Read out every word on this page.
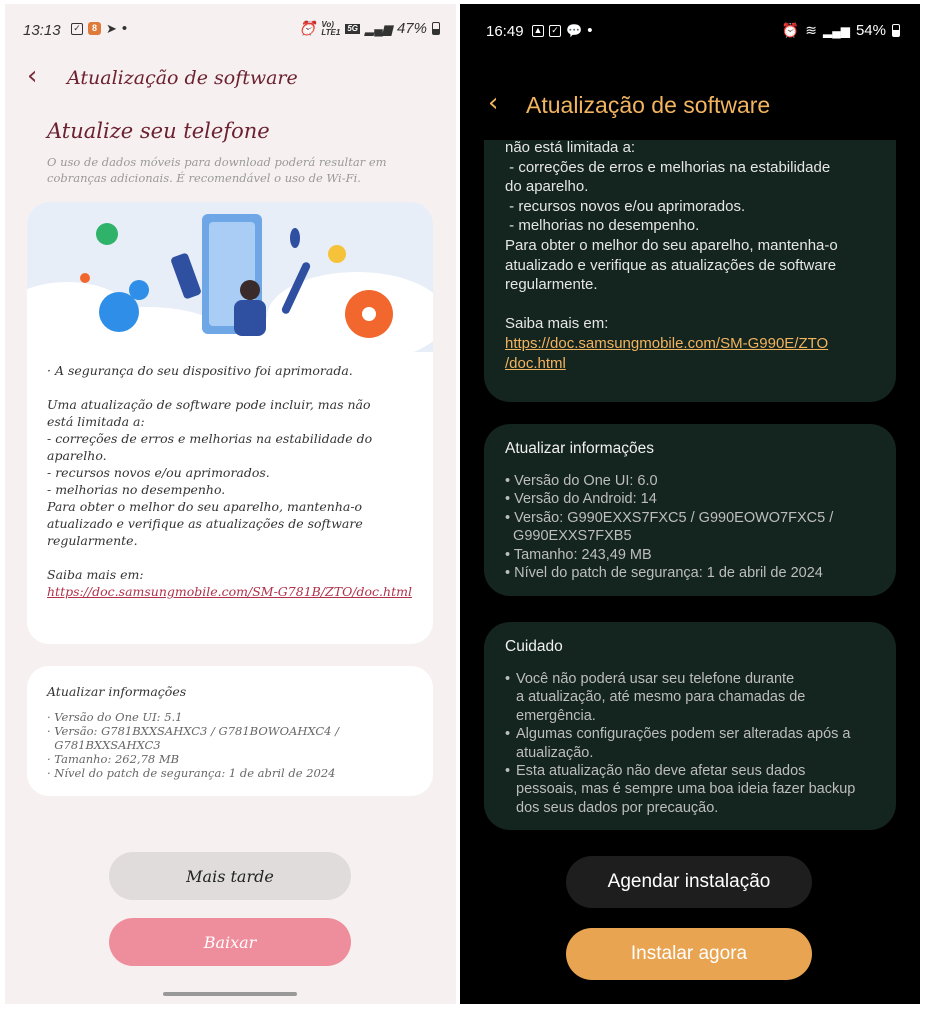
13:13 ✓	8 ➤ •	⏰ Vo)
LTE1 5G ▂▄▆ 47%
‹ Atualização de software
Atualize seu telefone
O uso de dados móveis para download poderá resultar em cobranças adicionais. É recomendável o uso de Wi-Fi.
· A segurança do seu dispositivo foi aprimorada.
Uma atualização de software pode incluir, mas não
está limitada a:
- correções de erros e melhorias na estabilidade do
aparelho.
- recursos novos e/ou aprimorados.
- melhorias no desempenho.
Para obter o melhor do seu aparelho, mantenha-o
atualizado e verifique as atualizações de software
regularmente.
Saiba mais em:
https://doc.samsungmobile.com/SM-G781B/ZTO/doc.html
Atualizar informações
· Versão do One UI: 5.1
· Versão: G781BXXSAHXC3 / G781BOWOAHXC4 /
G781BXXSAHXC3
· Tamanho: 262,78 MB
· Nível do patch de segurança: 1 de abril de 2024
Mais tarde
Baixar
16:49 ▲ ✓ 💬 •	⏰ ≋ ▂▄▆ 54%
‹ Atualização de software
não está limitada a:
- correções de erros e melhorias na estabilidade
do aparelho.
- recursos novos e/ou aprimorados.
- melhorias no desempenho.
Para obter o melhor do seu aparelho, mantenha-o
atualizado e verifique as atualizações de software
regularmente.
Saiba mais em:
https://doc.samsungmobile.com/SM-G990E/ZTO
/doc.html
Atualizar informações
• Versão do One UI: 6.0
• Versão do Android: 14
• Versão: G990EXXS7FXC5 / G990EOWO7FXC5 /
G990EXXS7FXB5
• Tamanho: 243,49 MB
• Nível do patch de segurança: 1 de abril de 2024
Cuidado
• Você não poderá usar seu telefone durante
a atualização, até mesmo para chamadas de
emergência.
• Algumas configurações podem ser alteradas após a
atualização.
• Esta atualização não deve afetar seus dados
pessoais, mas é sempre uma boa ideia fazer backup
dos seus dados por precaução.
Agendar instalação
Instalar agora
